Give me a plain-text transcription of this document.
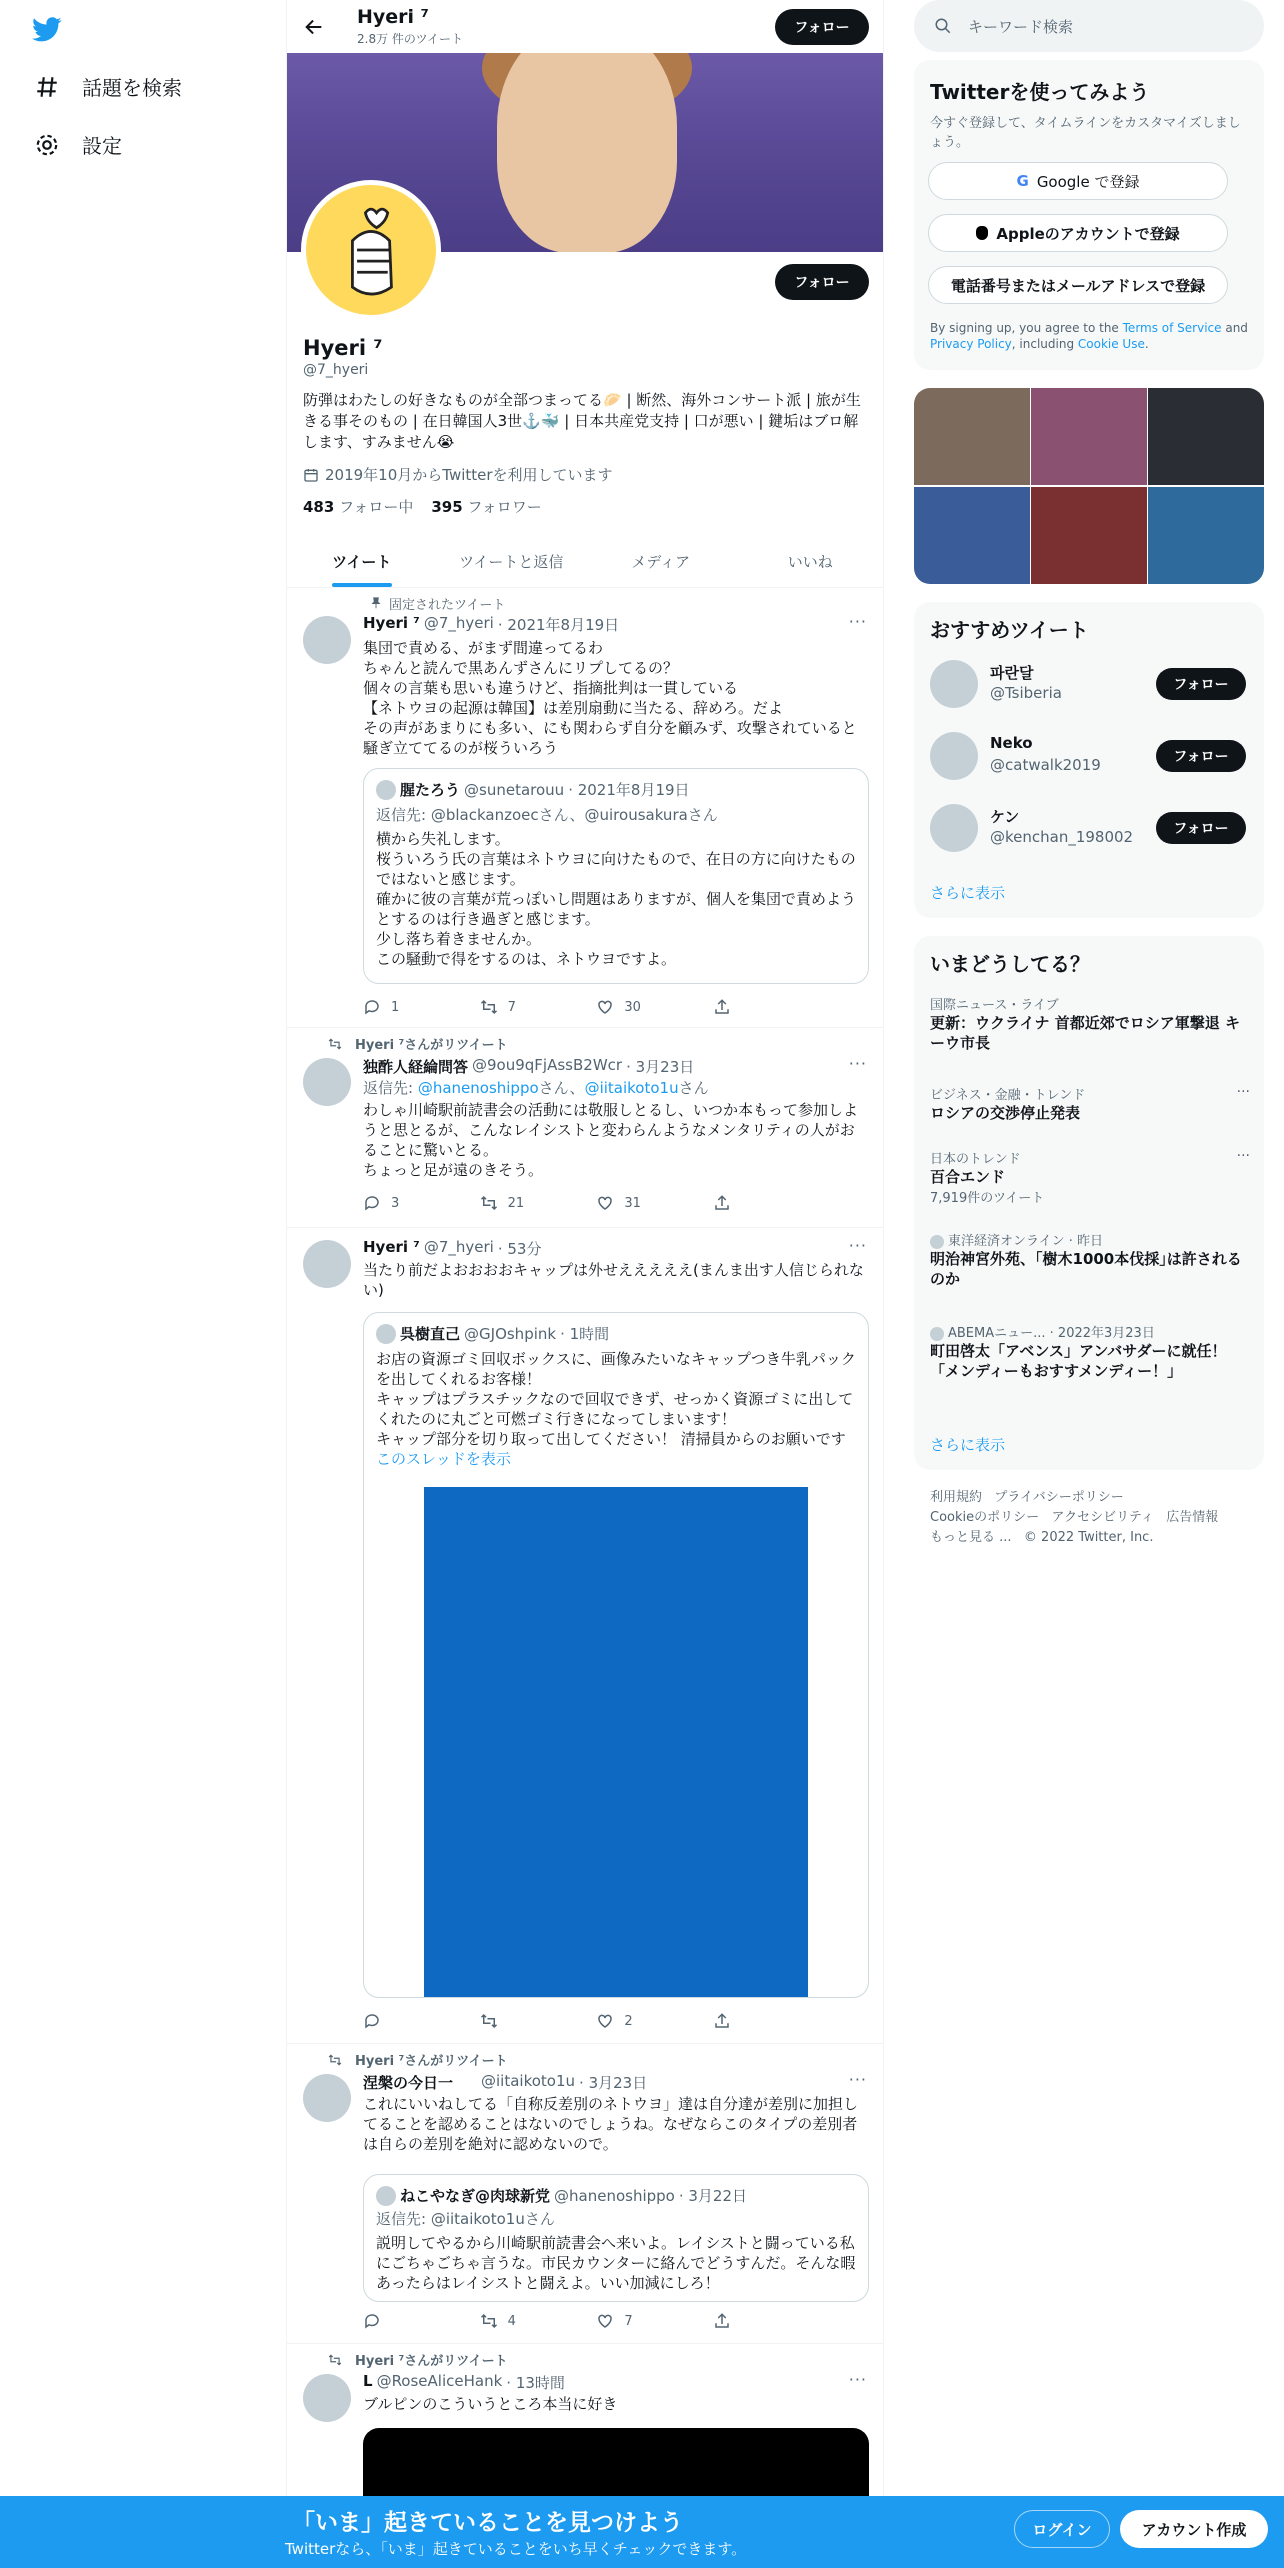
話題を検索
設定
Hyeri ⁷
2.8万 件のツイート
フォロー
フォロー
Hyeri ⁷
@7_hyeri
防弾はわたしの好きなものが全部つまってる🥟 | 断然、海外コンサート派 | 旅が生きる事そのもの | 在日韓国人3世⚓️🐳 | 日本共産党支持 | 口が悪い | 鍵垢はブロ解します、すみません😭
2019年10月からTwitterを利用しています
483 フォロー中 395 フォロワー
ツイート	ツイートと返信	メディア	いいね
固定されたツイート
Hyeri ⁷ @7_hyeri · 2021年8月19日	···
集団で責める、がまず間違ってるわ
ちゃんと読んで黒あんずさんにリプしてるの？
個々の言葉も思いも違うけど、指摘批判は一貫している
【ネトウヨの起源は韓国】は差別扇動に当たる、辞めろ。だよ
その声があまりにも多い、にも関わらず自分を顧みず、攻撃されていると騒ぎ立ててるのが桜ういろう
腥たろう @sunetarouu · 2021年8月19日
返信先: @blackanzoecさん、@uirousakuraさん
横から失礼します。
桜ういろう氏の言葉はネトウヨに向けたもので、在日の方に向けたものではないと感じます。
確かに彼の言葉が荒っぽいし問題はありますが、個人を集団で責めようとするのは行き過ぎと感じます。
少し落ち着きませんか。
この騒動で得をするのは、ネトウヨですよ。
1	7	30
Hyeri ⁷さんがリツイート
独酢人経綸問答 @9ou9qFjAssB2Wcr · 3月23日	···
返信先: @hanenoshippoさん、@iitaikoto1uさん
わしゃ川崎駅前読書会の活動には敬服しとるし、いつか本もって参加しようと思とるが、こんなレイシストと変わらんようなメンタリティの人がおることに驚いとる。
ちょっと足が遠のきそう。
3	21	31
Hyeri ⁷ @7_hyeri · 53分	···
当たり前だよおおおおキャップは外せえええええ(まんま出す人信じられない)
呉樹直己 @GJOshpink · 1時間
お店の資源ゴミ回収ボックスに、画像みたいなキャップつき牛乳パックを出してくれるお客様！
キャップはプラスチックなので回収できず、せっかく資源ゴミに出してくれたのに丸ごと可燃ゴミ行きになってしまいます！
キャップ部分を切り取って出してください！ 清掃員からのお願いです
このスレッドを表示
2
Hyeri ⁷さんがリツイート
涅槃の今日一 @iitaikoto1u · 3月23日	···
これにいいねしてる「自称反差別のネトウヨ」達は自分達が差別に加担してることを認めることはないのでしょうね。なぜならこのタイプの差別者は自らの差別を絶対に認めないので。
ねこやなぎ@肉球新党 @hanenoshippo · 3月22日
返信先: @iitaikoto1uさん
説明してやるから川崎駅前読書会へ来いよ。レイシストと闘っている私にごちゃごちゃ言うな。市民カウンターに絡んでどうすんだ。そんな暇あったらはレイシストと闘えよ。いい加減にしろ！
4	7
Hyeri ⁷さんがリツイート
L @RoseAliceHank · 13時間	···
ブルピンのこういうところ本当に好き
キーワード検索
Twitterを使ってみよう
今すぐ登録して、タイムラインをカスタマイズしましょう。
G Google で登録
Appleのアカウントで登録
電話番号またはメールアドレスで登録
By signing up, you agree to the Terms of Service and Privacy Policy, including Cookie Use.
おすすめツイート
파란달
@Tsiberia	フォロー
Neko
@catwalk2019	フォロー
ケン
@kenchan_198002	フォロー
さらに表示
いまどうしてる？
国際ニュース・ライブ
更新：ウクライナ 首都近郊でロシア軍撃退 キーウ市長
ビジネス・金融・トレンド
ロシアの交渉停止発表
···
日本のトレンド
百合エンド
7,919件のツイート
···
東洋経済オンライン · 昨日
明治神宮外苑、｢樹木1000本伐採｣は許されるのか
ABEMAニュー... · 2022年3月23日
町田啓太「アベンス」アンバサダーに就任！「メンディーもおすすメンディー！」
さらに表示
利用規約   プライバシーポリシー
Cookieのポリシー   アクセシビリティ   広告情報
もっと見る ...   © 2022 Twitter, Inc.
「いま」起きていることを見つけよう
Twitterなら、「いま」起きていることをいち早くチェックできます。
ログイン	アカウント作成
